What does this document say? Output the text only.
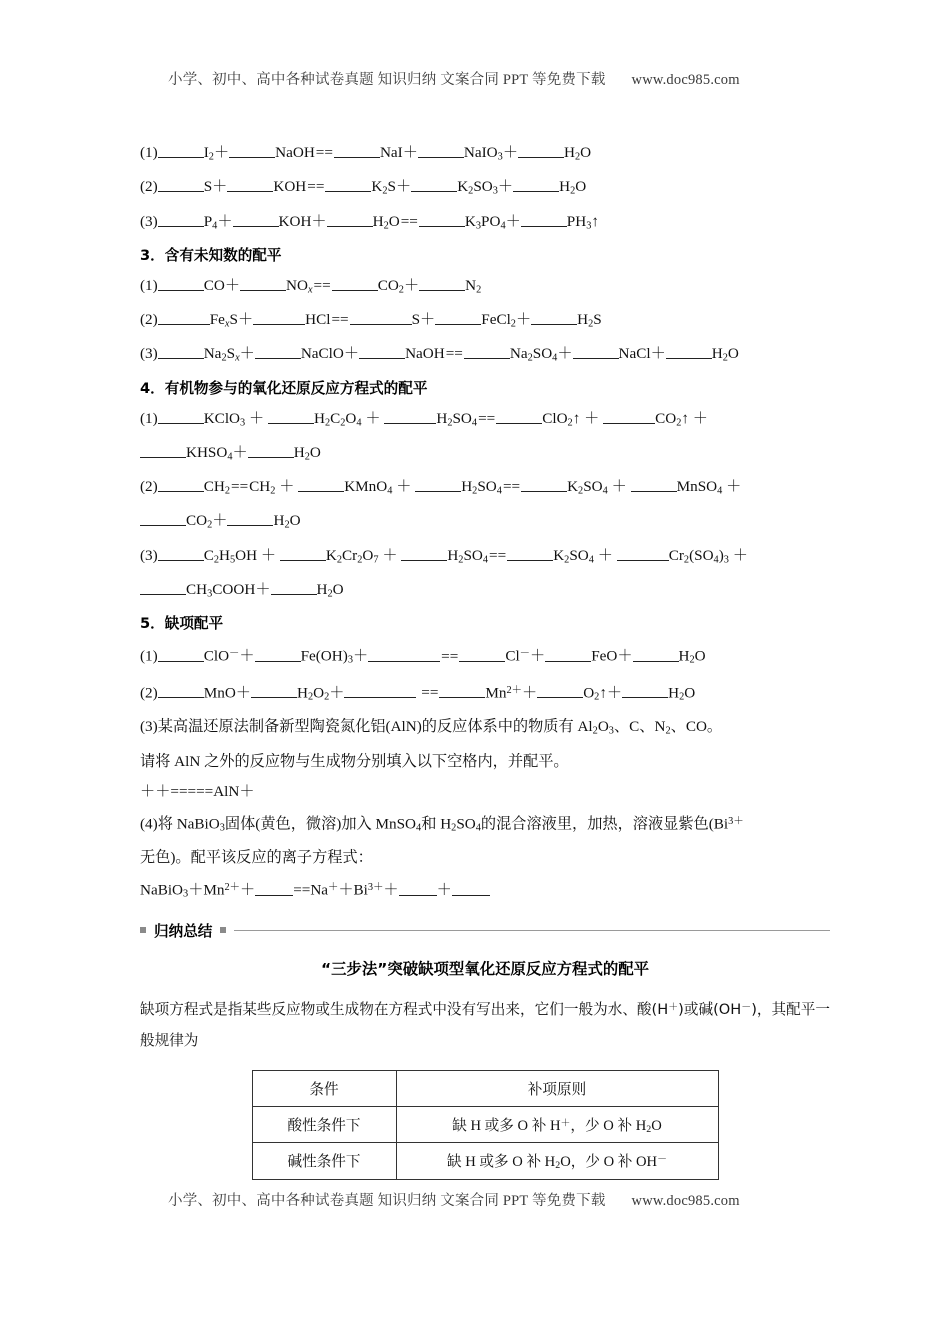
小学、初中、高中各种试卷真题 知识归纳 文案合同 PPT 等免费下载 www.doc985.com

(1)	$I_2+$	NaOH==	NaI＋	NaIO$_3$＋	$H_2O$

(2)	S＋	KOH==	$K_2S+$	$K_2SO_3+$	$H_2O$

(3)	$P_4+$	KOH＋	$H_2O==$	$K_3PO_4+$	$PH_3↑$

3．含有未知数的配平

(1)	CO＋	$NO_x==$	$CO_2+$	$N_2$

(2)	$Fe_xS+$	HCl==	S＋	FeCl$_2$＋	$H_2S$

(3)	$Na_2S_x+$	NaClO＋	NaOH==	$Na_2SO_4+$	NaCl＋	$H_2O$

4．有机物参与的氧化还原反应方程式的配平

(1)	KClO$_3$ ＋	$H_2C_2O_4$ ＋	$H_2SO_4==$	ClO$_2$↑ ＋	$CO_2↑$ ＋
$KHSO_4+$	$H_2O$

(2)	$CH_2==CH_2$ ＋	KMnO$_4$ ＋	$H_2SO_4==$	$K_2SO_4$ ＋	MnSO$_4$ ＋
$CO_2+$	$H_2O$

(3)	$C_2H_5OH$ ＋	$K_2Cr_2O_7$ ＋	$H_2SO_4==$	$K_2SO_4$ ＋	$Cr_2(SO_4)_3$ ＋
$CH_3COOH+$	$H_2O$

5．缺项配平

(1)	ClO－＋	$Fe(OH)_3+$	==	Cl－＋	FeO＋	$H_2O$

(2)	MnO＋	$H_2O_2+$	==	$Mn^{2+}+$	$O_2↑+$	$H_2O$

(3)某高温还原法制备新型陶瓷氮化铝(AlN)的反应体系中的物质有 $Al_2O_3$、C、$N_2$、CO。

请将 AlN 之外的反应物与生成物分别填入以下空格内，并配平。

＋＋=====AlN＋

(4)将 NaBiO$_3$固体(黄色，微溶)加入 MnSO$_4$和 $H_2SO_4$的混合溶液里，加热，溶液显紫色($Bi^{3+}$

无色)。配平该反应的离子方程式：

$NaBiO_3+Mn^{2+}+$	$==Na^++Bi^{3+}+$	＋

归纳总结

“三步法”突破缺项型氧化还原反应方程式的配平

缺项方程式是指某些反应物或生成物在方程式中没有写出来，它们一般为水、酸(H＋)或碱(OH－)，其配平一般规律为

条件	补项原则
酸性条件下	缺 H 或多 O 补 H＋，少 O 补 $H_2O$
碱性条件下	缺 H 或多 O 补 $H_2O$，少 O 补 OH－
小学、初中、高中各种试卷真题 知识归纳 文案合同 PPT 等免费下载 www.doc985.com
